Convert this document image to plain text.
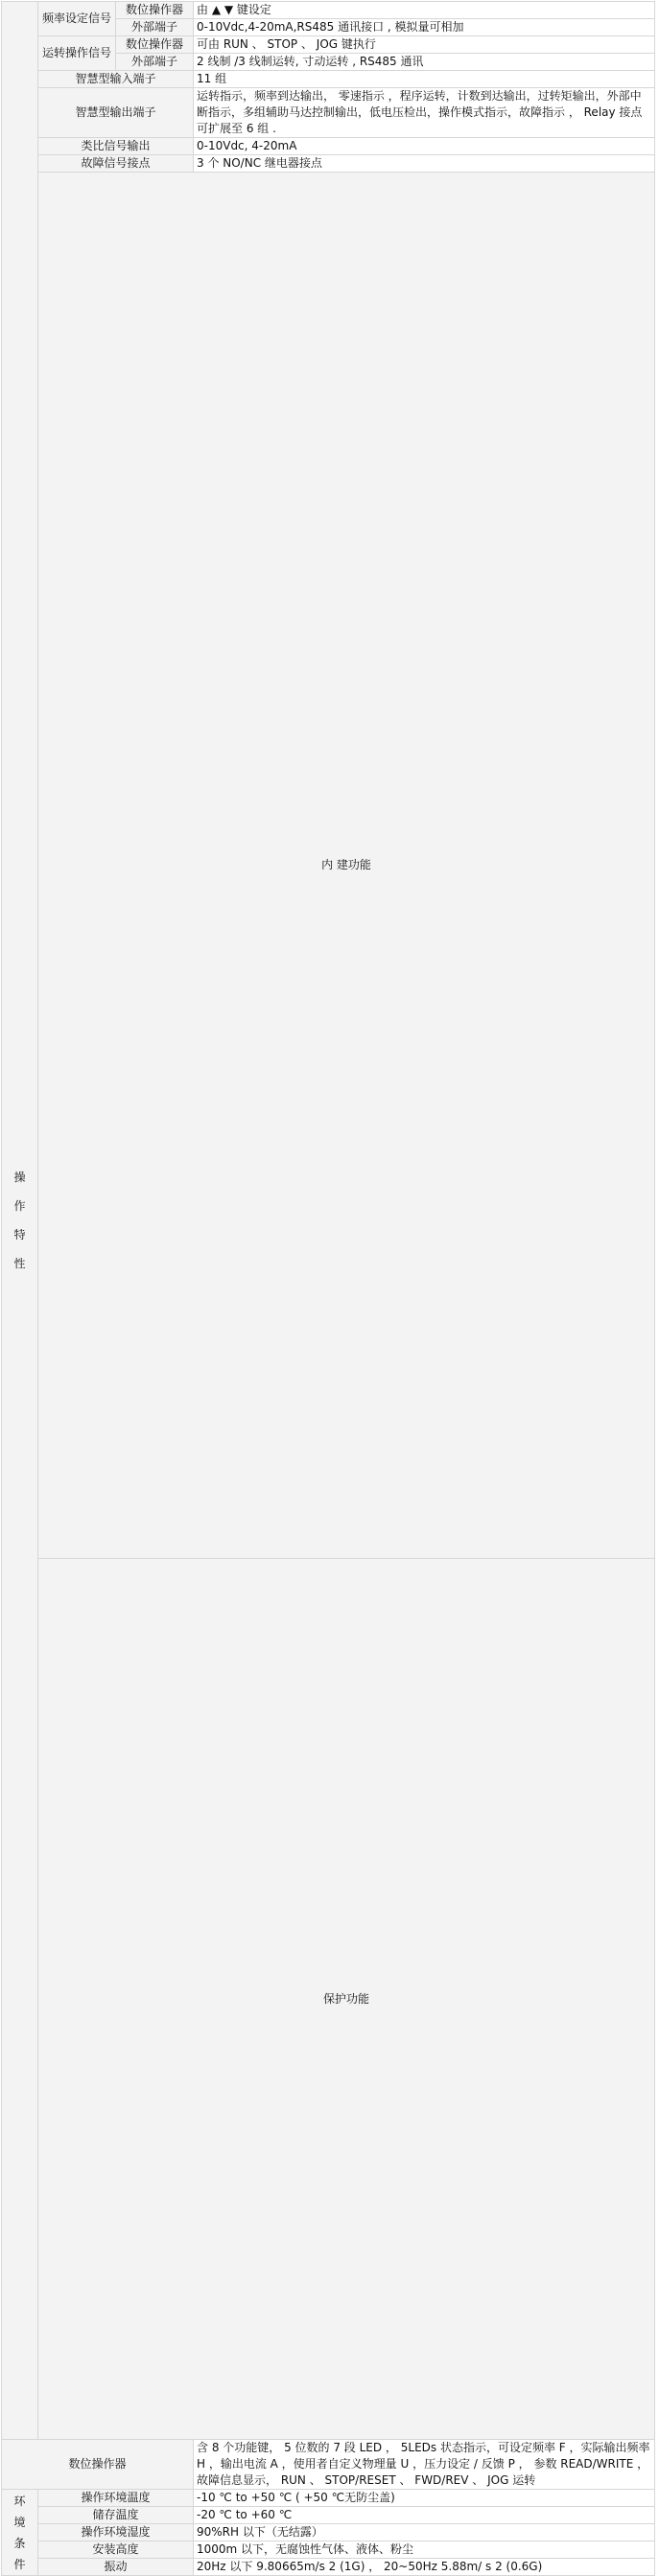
操作特性	频率设定信号	数位操作器	由 ▲ ▼ 键设定	
		外部端子	0-10Vdc,4-20mA,RS485 通讯接口 , 模拟量可相加	
	运转操作信号	数位操作器	可由 RUN 、 STOP 、 JOG 键执行	
		外部端子	2 线制 /3 线制运转, 寸动运转 , RS485 通讯	
	智慧型输入端子		11 组	
	智慧型输出端子		运转指示，频率到达输出， 零速指示 ，程序运转，计数到达输出，过转矩输出，外部中断指示，多组辅助马达控制输出，低电压检出，操作模式指示，故障指示 ， Relay 接点可扩展至 6 组 .	
	类比信号输出		0-10Vdc, 4-20mA	
	故障信号接点		3 个 NO/NC 继电器接点	
	内 建功能	
	保护功能	
数位操作器			含 8 个功能键， 5 位数的 7 段 LED ， 5LEDs 状态指示，可设定频率 F ，实际输出频率 H ，输出电流 A ，使用者自定义物理量 U ，压力设定 / 反馈 P ， 参数 READ/WRITE ，故障信息显示， RUN 、 STOP/RESET 、 FWD/REV 、 JOG 运转	

环境条件	操作环境温度		-10 ℃ to +50 ℃ ( +50 ℃无防尘盖)	
	储存温度		-20 ℃ to +60 ℃	
	操作环境湿度		90%RH 以下（无结露）	
	安装高度		1000m 以下，无腐蚀性气体、液体、粉尘	
	振动		20Hz 以下 9.80665m/s 2 (1G) ， 20~50Hz 5.88m/ s 2 (0.6G)	
